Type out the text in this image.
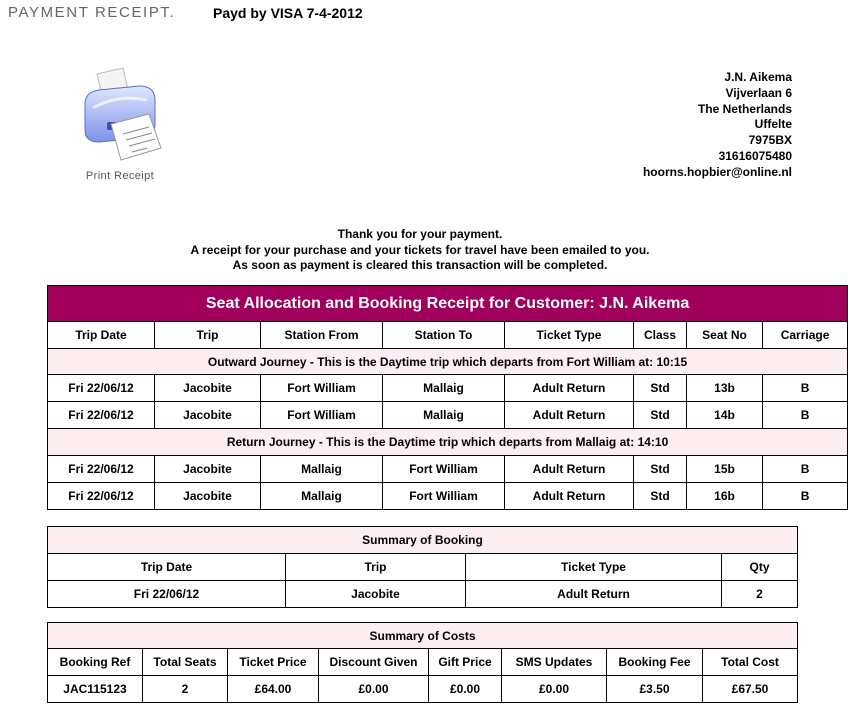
PAYMENT RECEIPT.	Payd by VISA 7-4-2012
Print Receipt
J.N. Aikema
Vijverlaan 6
The Netherlands
Uffelte
7975BX
31616075480
hoorns.hopbier@online.nl
Thank you for your payment.
A receipt for your purchase and your tickets for travel have been emailed to you.
As soon as payment is cleared this transaction will be completed.
Seat Allocation and Booking Receipt for Customer: J.N. Aikema							
Trip Date	Trip	Station From	Station To	Ticket Type	Class	Seat No	Carriage
Outward Journey - This is the Daytime trip which departs from Fort William at: 10:15							
Fri 22/06/12	Jacobite	Fort William	Mallaig	Adult Return	Std	13b	B
Fri 22/06/12	Jacobite	Fort William	Mallaig	Adult Return	Std	14b	B
Return Journey - This is the Daytime trip which departs from Mallaig at: 14:10							
Fri 22/06/12	Jacobite	Mallaig	Fort William	Adult Return	Std	15b	B
Fri 22/06/12	Jacobite	Mallaig	Fort William	Adult Return	Std	16b	B
Summary of Booking			
Trip Date	Trip	Ticket Type	Qty
Fri 22/06/12	Jacobite	Adult Return	2
Summary of Costs							
Booking Ref	Total Seats	Ticket Price	Discount Given	Gift Price	SMS Updates	Booking Fee	Total Cost
JAC115123	2	£64.00	£0.00	£0.00	£0.00	£3.50	£67.50
